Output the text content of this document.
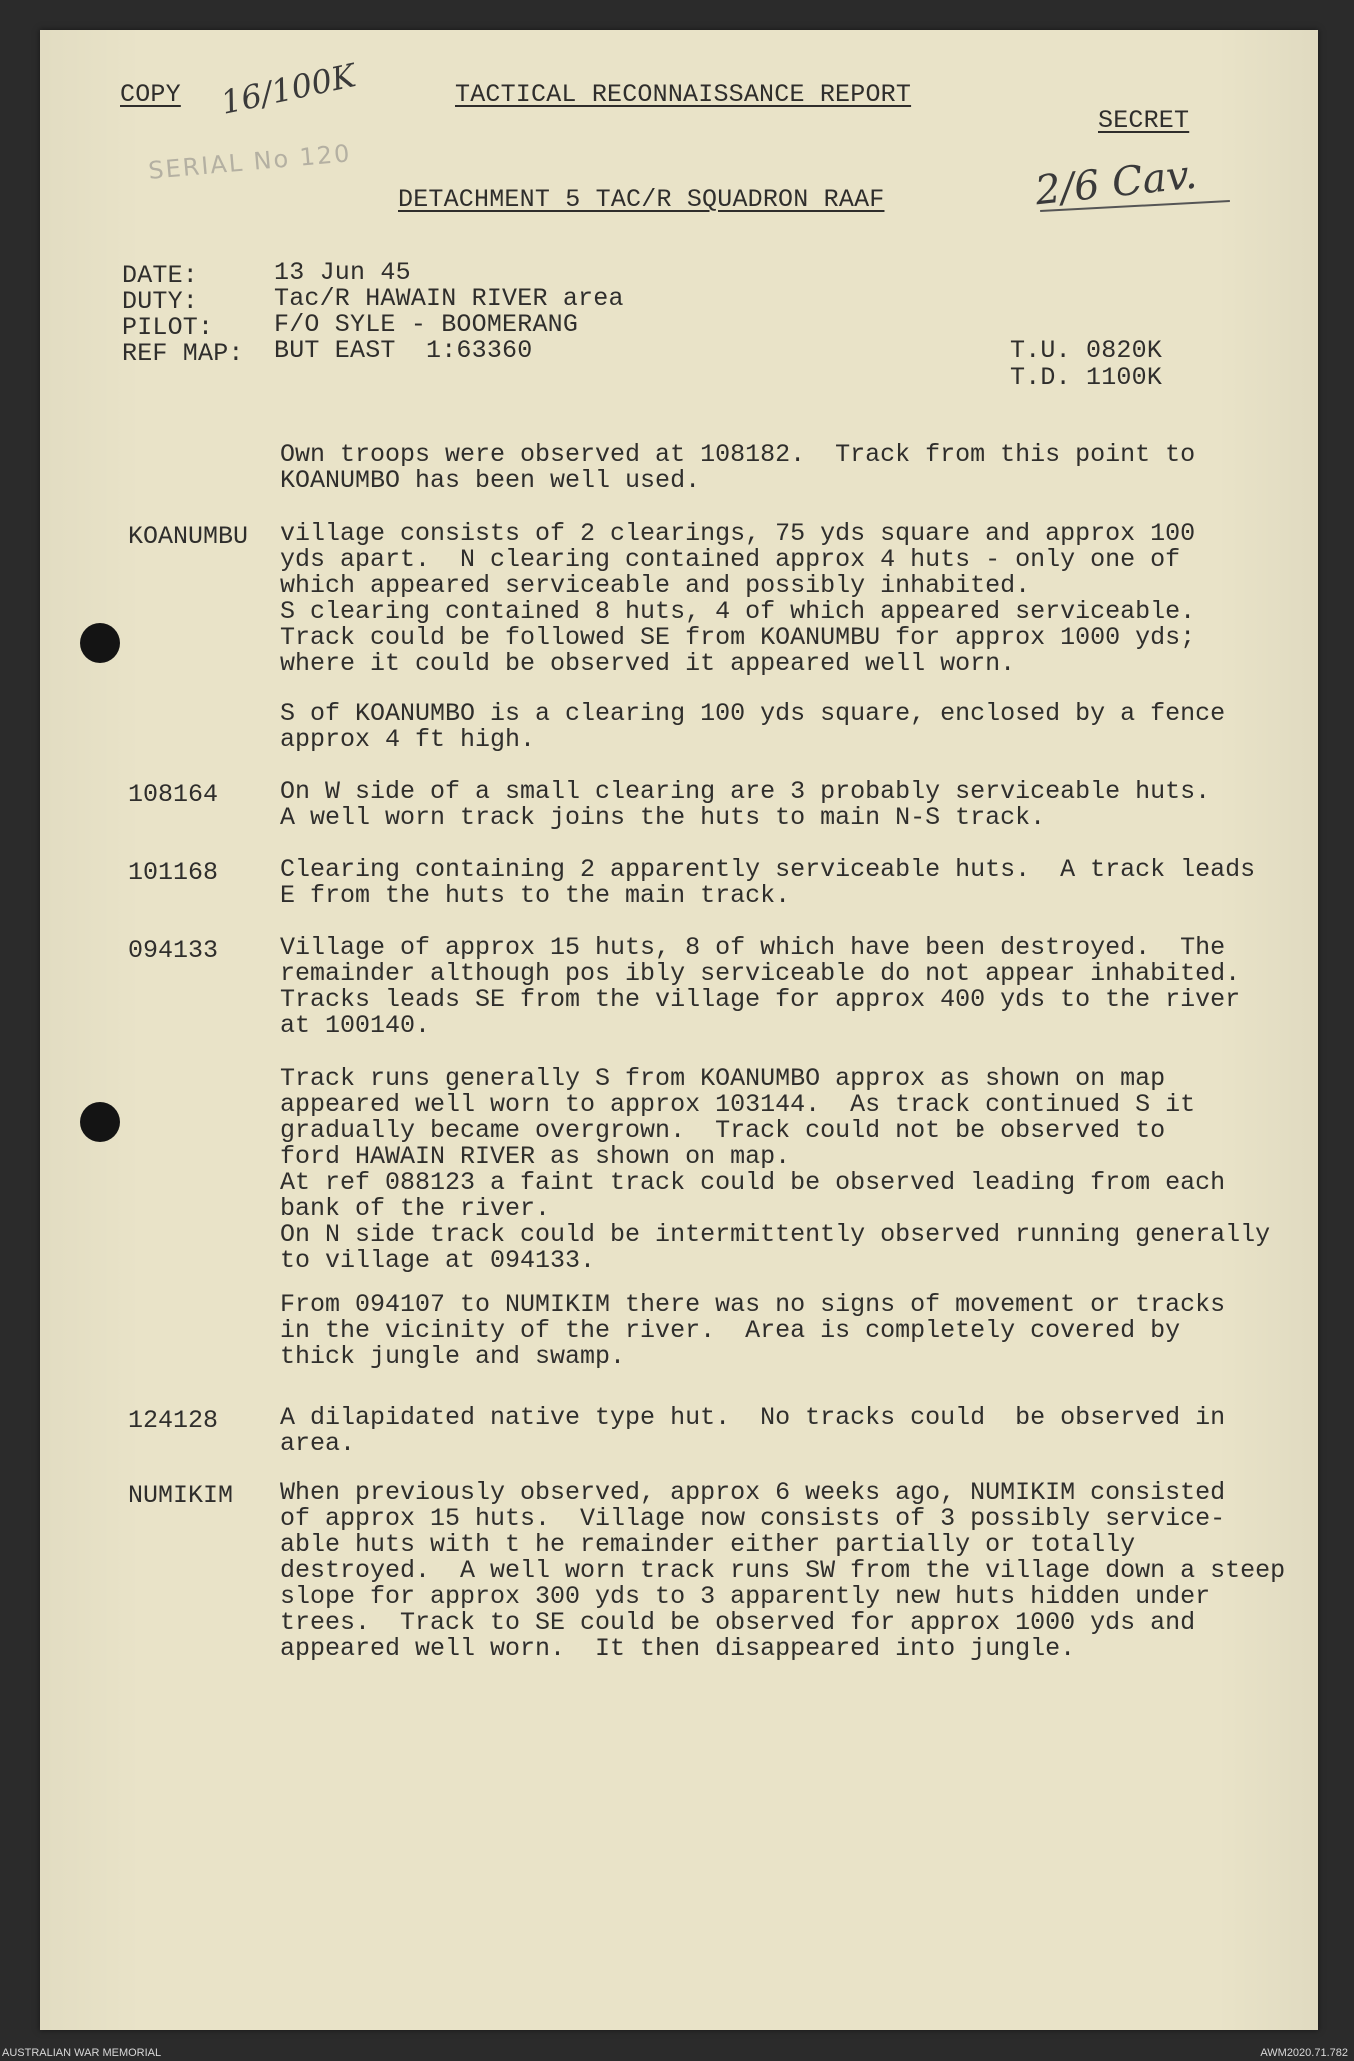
COPY 16/100K	TACTICAL RECONNAISSANCE REPORT
SERIAL No 120
SECRET
2/6 Cav.
DETACHMENT 5 TAC/R SQUADRON RAAF
DATE:	13 Jun 45
DUTY:	Tac/R HAWAIN RIVER area
PILOT: F/O SYLE - BOOMERANG
REF MAP: BUT EAST  1:63360	T.U. 0820K
T.D. 1100K
Own troops were observed at 108182.  Track from this point to
KOANUMBO has been well used.
KOANUMBU village consists of 2 clearings, 75 yds square and approx 100
yds apart.  N clearing contained approx 4 huts - only one of
which appeared serviceable and possibly inhabited.
S clearing contained 8 huts, 4 of which appeared serviceable.
Track could be followed SE from KOANUMBU for approx 1000 yds;
where it could be observed it appeared well worn.
S of KOANUMBO is a clearing 100 yds square, enclosed by a fence
approx 4 ft high.
108164 On W side of a small clearing are 3 probably serviceable huts.
A well worn track joins the huts to main N-S track.
101168 Clearing containing 2 apparently serviceable huts.  A track leads
E from the huts to the main track.
094133 Village of approx 15 huts, 8 of which have been destroyed.  The
remainder although pos ibly serviceable do not appear inhabited.
Tracks leads SE from the village for approx 400 yds to the river
at 100140.
Track runs generally S from KOANUMBO approx as shown on map
appeared well worn to approx 103144.  As track continued S it
gradually became overgrown.  Track could not be observed to
ford HAWAIN RIVER as shown on map.
At ref 088123 a faint track could be observed leading from each
bank of the river.
On N side track could be intermittently observed running generally
to village at 094133.
From 094107 to NUMIKIM there was no signs of movement or tracks
in the vicinity of the river.  Area is completely covered by
thick jungle and swamp.
124128 A dilapidated native type hut.  No tracks could  be observed in
area.
NUMIKIM When previously observed, approx 6 weeks ago, NUMIKIM consisted
of approx 15 huts.  Village now consists of 3 possibly service-
able huts with t he remainder either partially or totally
destroyed.  A well worn track runs SW from the village down a steep
slope for approx 300 yds to 3 apparently new huts hidden under
trees.  Track to SE could be observed for approx 1000 yds and
appeared well worn.  It then disappeared into jungle.
AUSTRALIAN WAR MEMORIAL	AWM2020.71.782
